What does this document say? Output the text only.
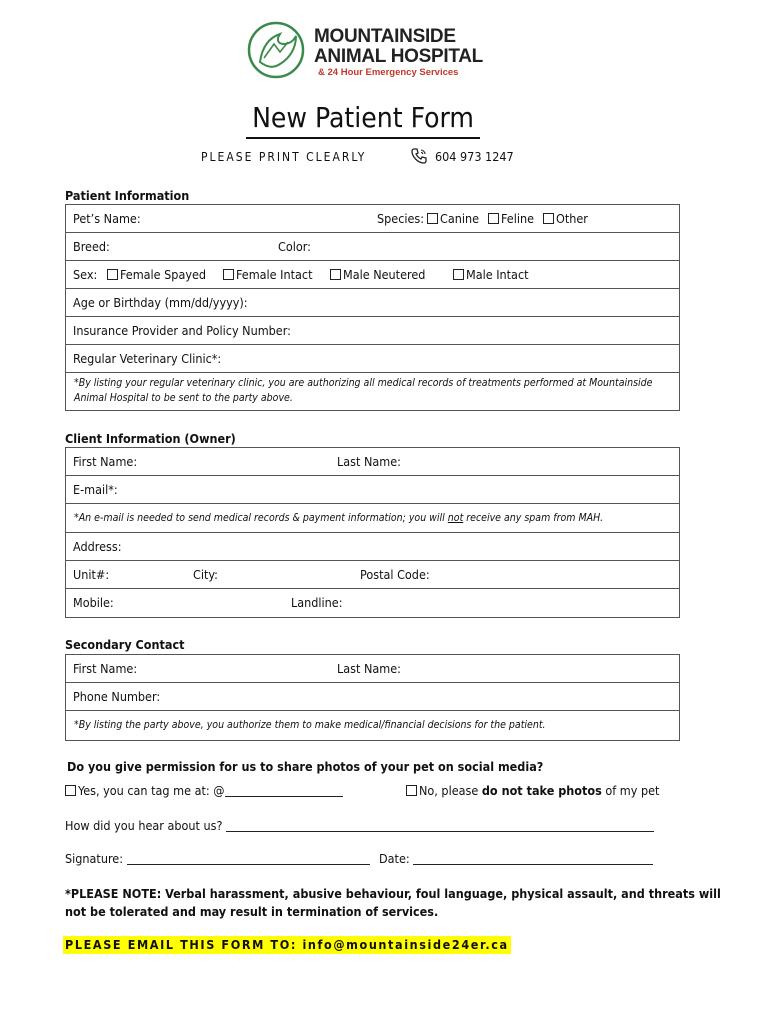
MOUNTAINSIDE
ANIMAL HOSPITAL
& 24 Hour Emergency Services
New Patient Form
PLEASE PRINT CLEARLY	604 973 1247
Patient Information
Pet’s Name:	Species:	Canine	Feline	Other
Breed:	Color:
Sex:	Female Spayed	Female Intact	Male Neutered	Male Intact
Age or Birthday (mm/dd/yyyy):
Insurance Provider and Policy Number:
Regular Veterinary Clinic*:
*By listing your regular veterinary clinic, you are authorizing all medical records of treatments performed at Mountainside Animal Hospital to be sent to the party above.
Client Information (Owner)
First Name:	Last Name:
E-mail*:
*An e-mail is needed to send medical records & payment information; you will not receive any spam from MAH.
Address:
Unit#:	City:	Postal Code:
Mobile:	Landline:
Secondary Contact
First Name:	Last Name:
Phone Number:
*By listing the party above, you authorize them to make medical/financial decisions for the patient.
Do you give permission for us to share photos of your pet on social media?
Yes, you can tag me at: @	No, please do not take photos of my pet
How did you hear about us?
Signature:	Date:
*PLEASE NOTE: Verbal harassment, abusive behaviour, foul language, physical assault, and threats will
not be tolerated and may result in termination of services.
PLEASE EMAIL THIS FORM TO: info@mountainside24er.ca
